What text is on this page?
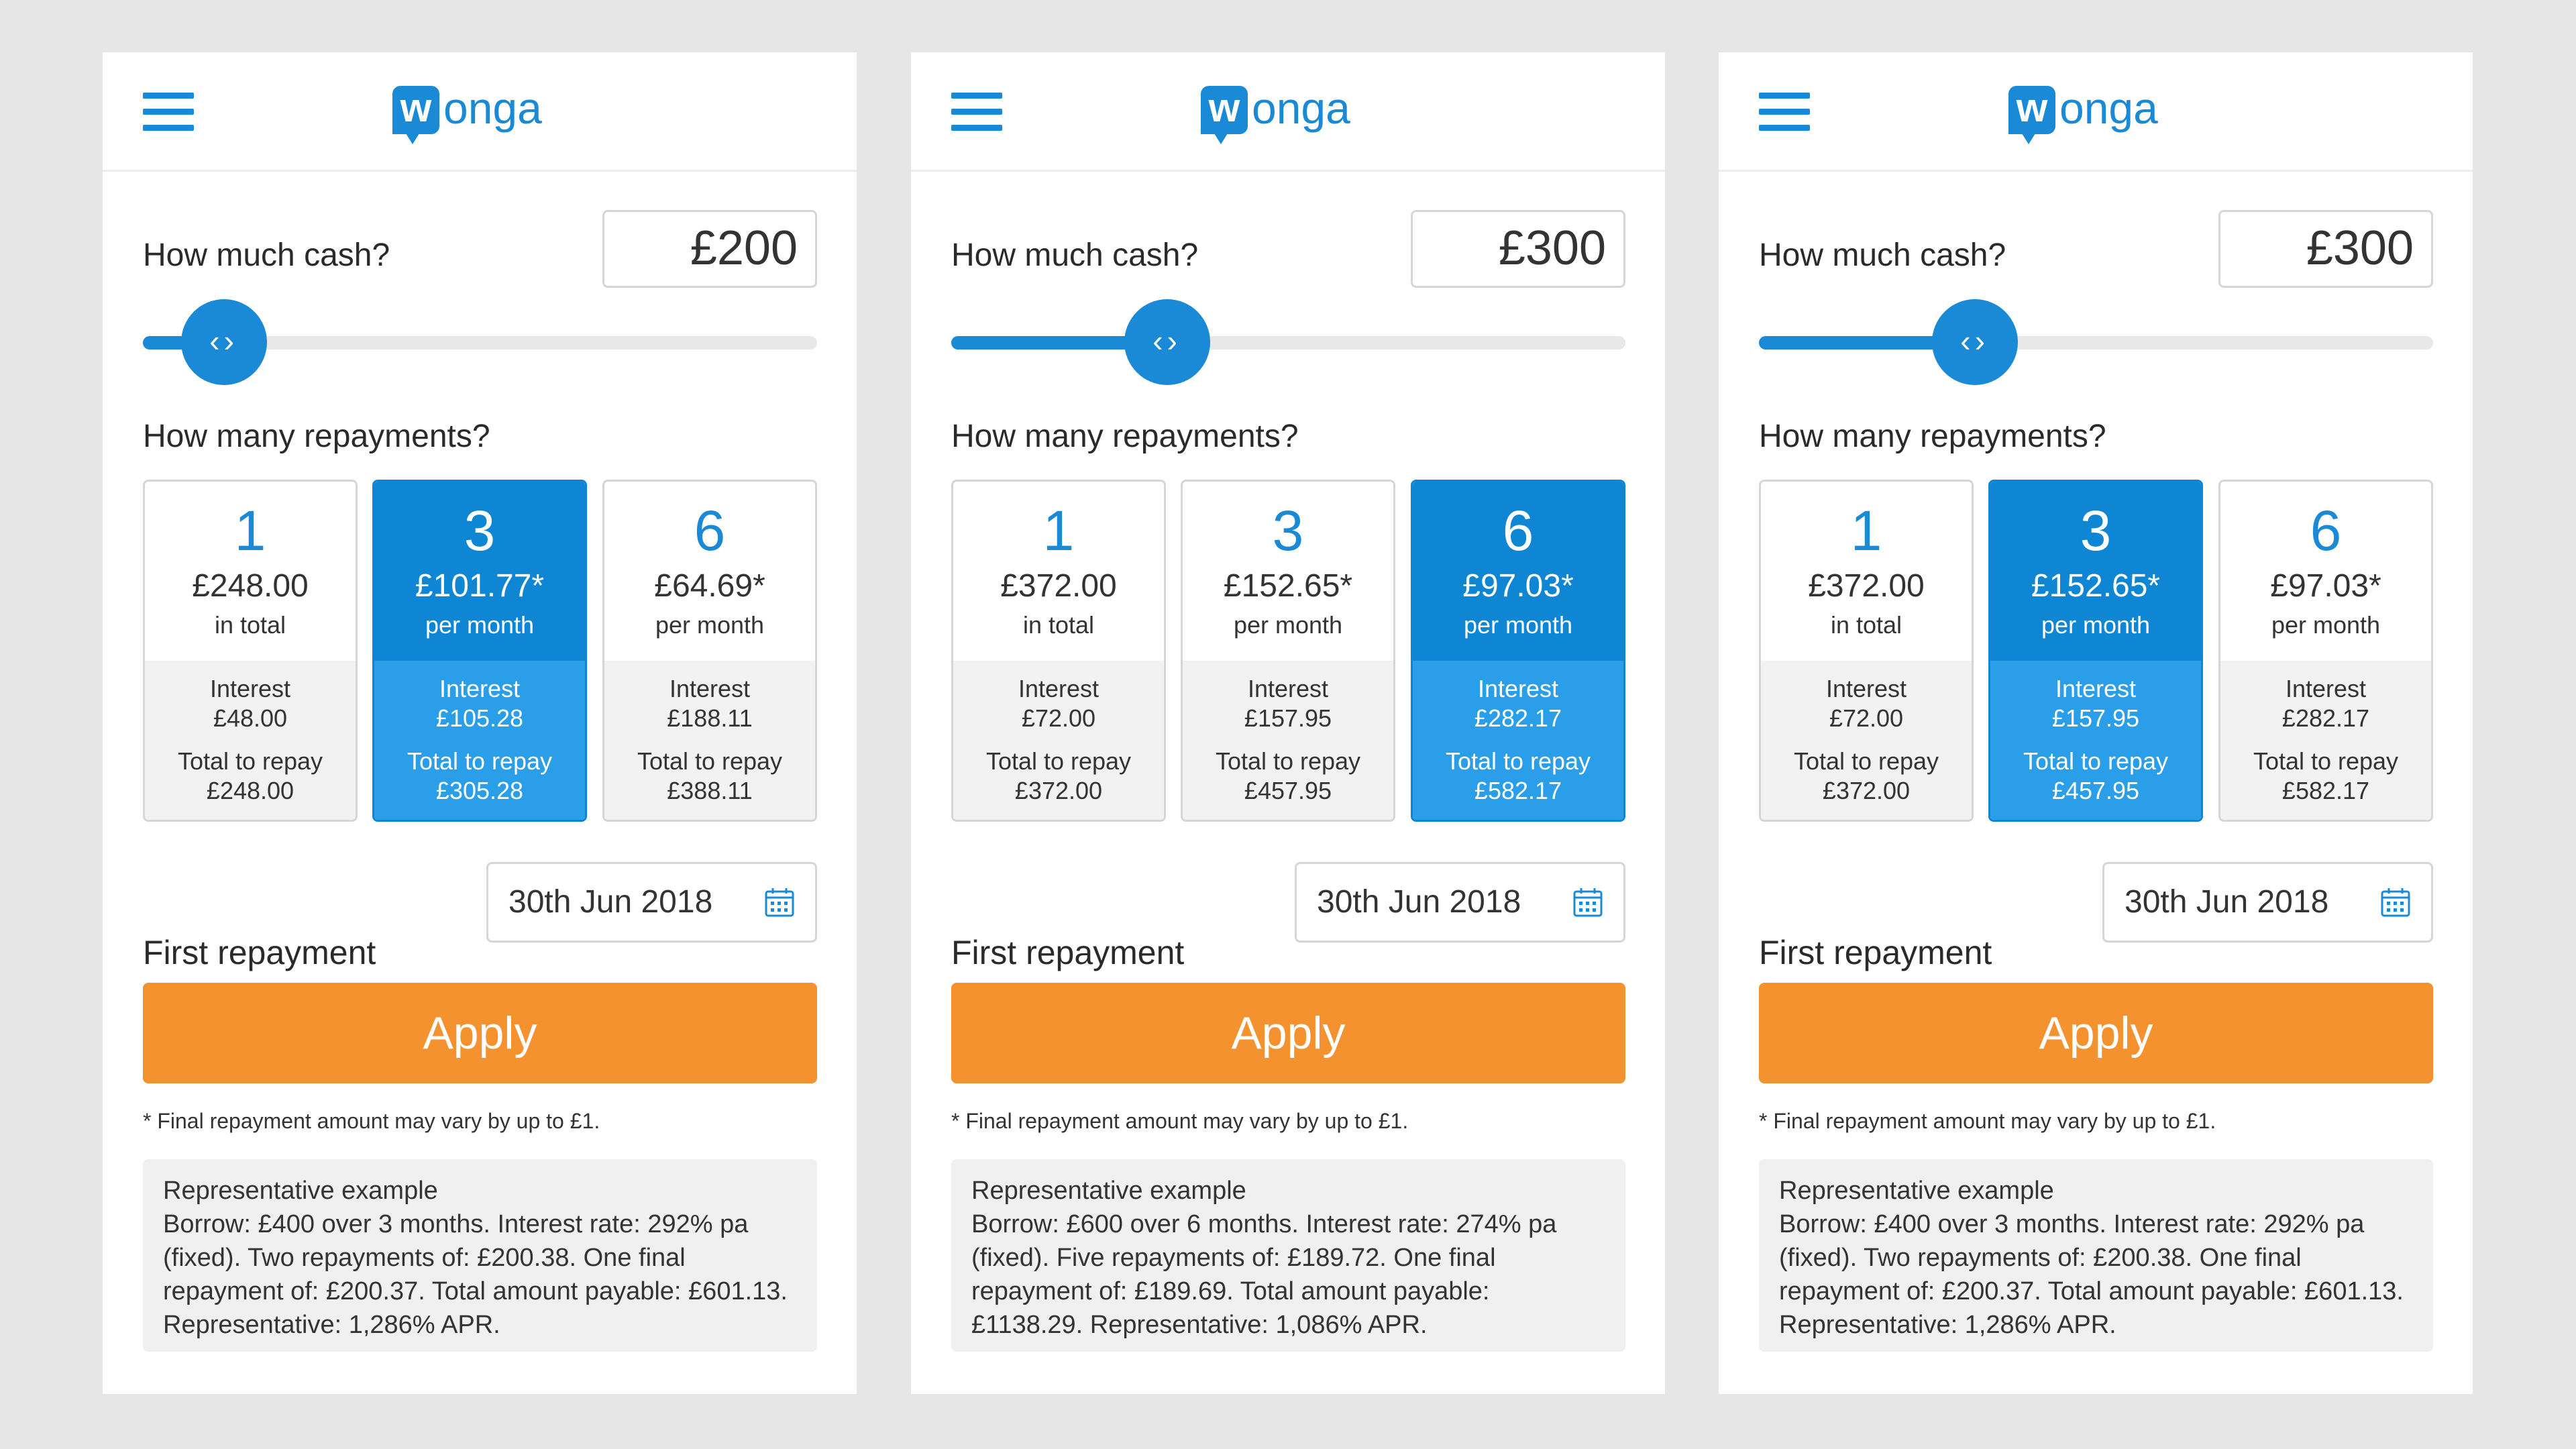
w onga
How much cash?	£200
‹›
How many repayments?
1
£248.00
in total
Interest
£48.00
Total to repay
£248.00
3
£101.77*
per month
Interest
£105.28
Total to repay
£305.28
6
£64.69*
per month
Interest
£188.11
Total to repay
£388.11
First repayment
30th Jun 2018
Apply
* Final repayment amount may vary by up to £1.
Representative example
Borrow: £400 over 3 months. Interest rate: 292% pa (fixed). Two repayments of: £200.38. One final repayment of: £200.37. Total amount payable: £601.13. Representative: 1,286% APR.
w onga
How much cash?	£300
‹›
How many repayments?
1
£372.00
in total
Interest
£72.00
Total to repay
£372.00
3
£152.65*
per month
Interest
£157.95
Total to repay
£457.95
6
£97.03*
per month
Interest
£282.17
Total to repay
£582.17
First repayment
30th Jun 2018
Apply
* Final repayment amount may vary by up to £1.
Representative example
Borrow: £600 over 6 months. Interest rate: 274% pa (fixed). Five repayments of: £189.72. One final repayment of: £189.69. Total amount payable: £1138.29. Representative: 1,086% APR.
w onga
How much cash?	£300
‹›
How many repayments?
1
£372.00
in total
Interest
£72.00
Total to repay
£372.00
3
£152.65*
per month
Interest
£157.95
Total to repay
£457.95
6
£97.03*
per month
Interest
£282.17
Total to repay
£582.17
First repayment
30th Jun 2018
Apply
* Final repayment amount may vary by up to £1.
Representative example
Borrow: £400 over 3 months. Interest rate: 292% pa (fixed). Two repayments of: £200.38. One final repayment of: £200.37. Total amount payable: £601.13. Representative: 1,286% APR.
